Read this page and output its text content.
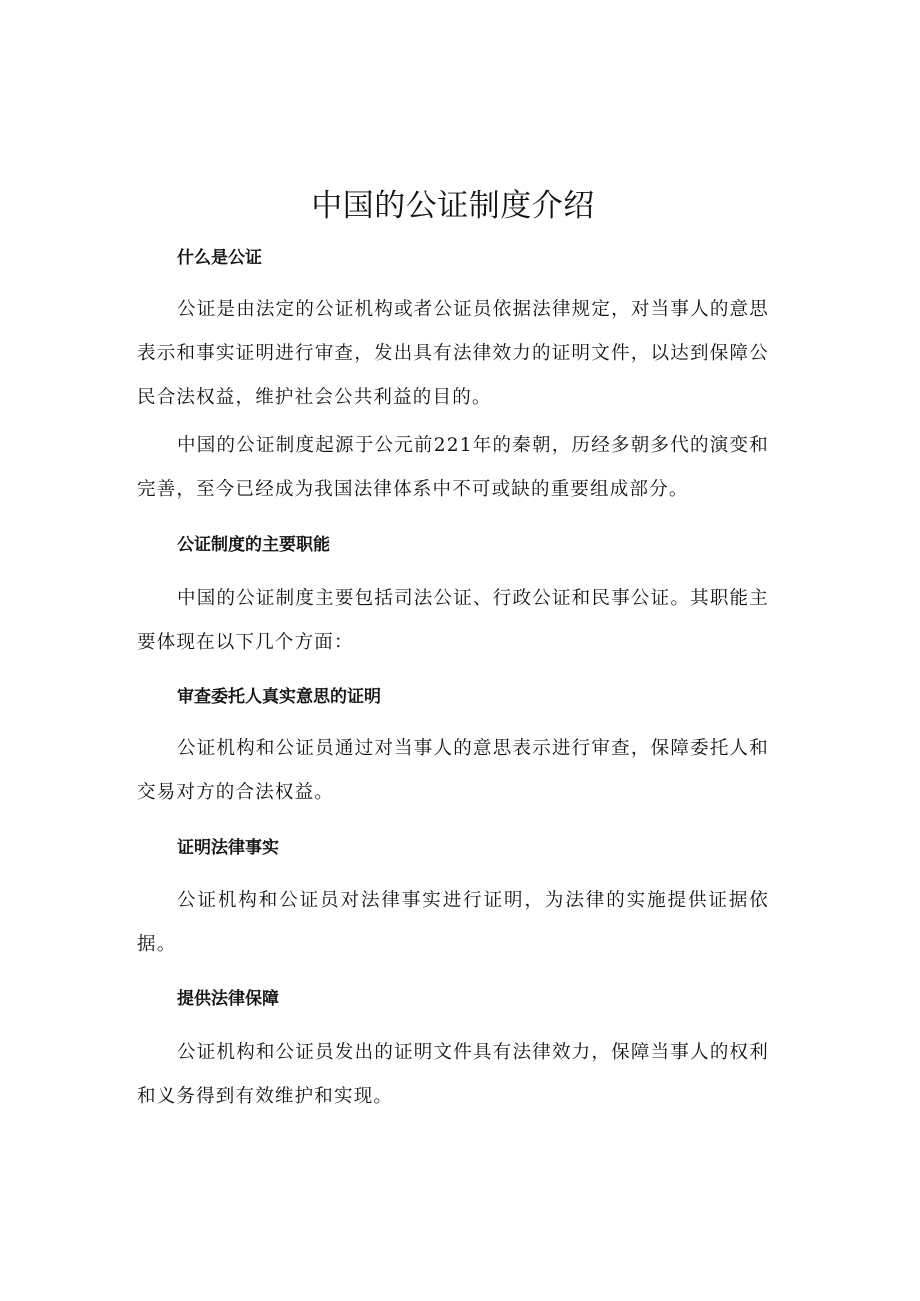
中国的公证制度介绍

什么是公证

公证是由法定的公证机构或者公证员依据法律规定，对当事人的意思表示和事实证明进行审查，发出具有法律效力的证明文件，以达到保障公民合法权益，维护社会公共利益的目的。

中国的公证制度起源于公元前221年的秦朝，历经多朝多代的演变和完善，至今已经成为我国法律体系中不可或缺的重要组成部分。

公证制度的主要职能

中国的公证制度主要包括司法公证、行政公证和民事公证。其职能主要体现在以下几个方面：

审查委托人真实意思的证明

公证机构和公证员通过对当事人的意思表示进行审查，保障委托人和交易对方的合法权益。

证明法律事实

公证机构和公证员对法律事实进行证明，为法律的实施提供证据依据。

提供法律保障

公证机构和公证员发出的证明文件具有法律效力，保障当事人的权利和义务得到有效维护和实现。
